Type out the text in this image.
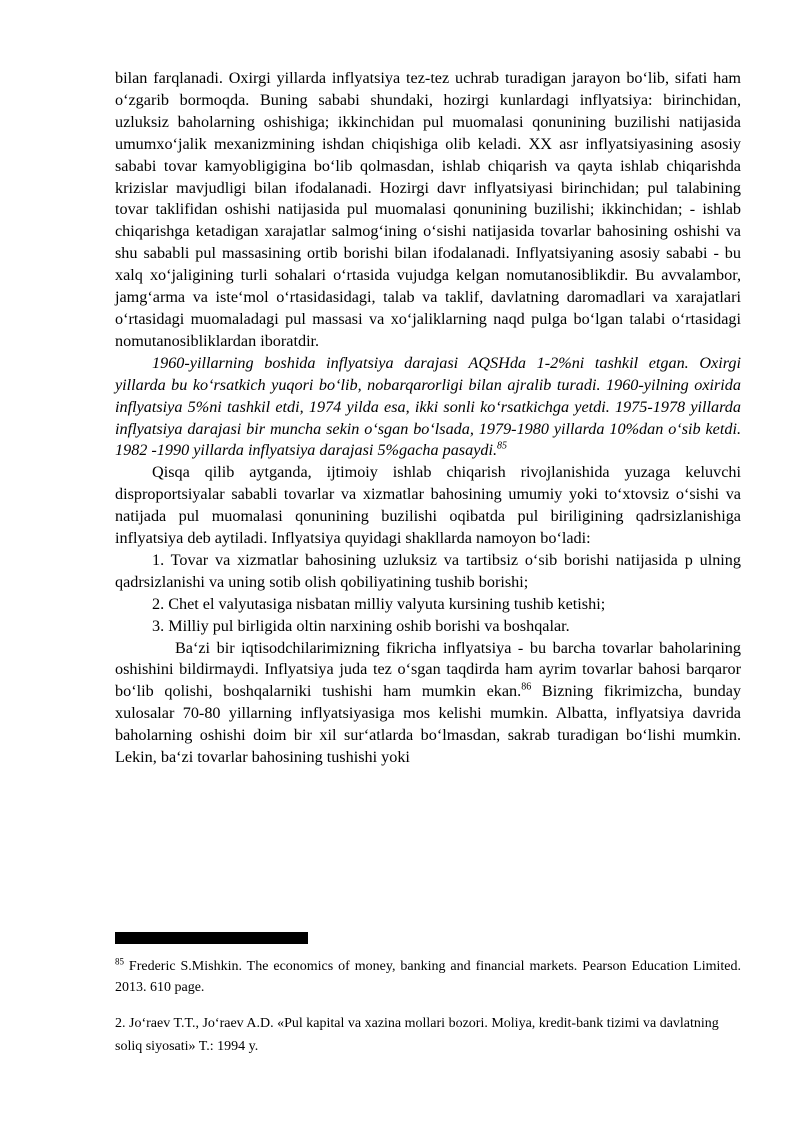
bilan farqlanadi. Oxirgi yillarda inflyatsiya tez-tez uchrab turadigan jarayon bo‘lib, sifati ham o‘zgarib bormoqda. Buning sababi shundaki, hozirgi kunlardagi inflyatsiya: birinchidan, uzluksiz baholarning oshishiga; ikkinchidan pul muomalasi qonunining buzilishi natijasida umumxo‘jalik mexanizmining ishdan chiqishiga olib keladi. XX asr inflyatsiyasining asosiy sababi tovar kamyobligigina bo‘lib qolmasdan, ishlab chiqarish va qayta ishlab chiqarishda krizislar mavjudligi bilan ifodalanadi. Hozirgi davr inflyatsiyasi birinchidan; pul talabining tovar taklifidan oshishi natijasida pul muomalasi qonunining buzilishi; ikkinchidan; - ishlab chiqarishga ketadigan xarajatlar salmog‘ining o‘sishi natijasida tovarlar bahosining oshishi va shu sababli pul massasining ortib borishi bilan ifodalanadi. Inflyatsiyaning asosiy sababi - bu xalq xo‘jaligining turli sohalari o‘rtasida vujudga kelgan nomutanosiblikdir. Bu avvalambor, jamg‘arma va iste‘mol o‘rtasidasidagi, talab va taklif, davlatning daromadlari va xarajatlari o‘rtasidagi muomaladagi pul massasi va xo‘jaliklarning naqd pulga bo‘lgan talabi o‘rtasidagi nomutanosibliklardan iboratdir.

1960-yillarning boshida inflyatsiya darajasi AQSHda 1-2%ni tashkil etgan. Oxirgi yillarda bu ko‘rsatkich yuqori bo‘lib, nobarqarorligi bilan ajralib turadi. 1960-yilning oxirida inflyatsiya 5%ni tashkil etdi, 1974 yilda esa, ikki sonli ko‘rsatkichga yetdi. 1975-1978 yillarda inflyatsiya darajasi bir muncha sekin o‘sgan bo‘lsada, 1979-1980 yillarda 10%dan o‘sib ketdi. 1982 -1990 yillarda inflyatsiya darajasi 5%gacha pasaydi.$^{85}$

Qisqa qilib aytganda, ijtimoiy ishlab chiqarish rivojlanishida yuzaga keluvchi disproportsiyalar sababli tovarlar va xizmatlar bahosining umumiy yoki to‘xtovsiz o‘sishi va natijada pul muomalasi qonunining buzilishi oqibatda pul biriligining qadrsizlanishiga inflyatsiya deb aytiladi. Inflyatsiya quyidagi shakllarda namoyon bo‘ladi:

1. Tovar va xizmatlar bahosining uzluksiz va tartibsiz o‘sib borishi natijasida p ulning qadrsizlanishi va uning sotib olish qobiliyatining tushib borishi;

2. Chet el valyutasiga nisbatan milliy valyuta kursining tushib ketishi;

3. Milliy pul birligida oltin narxining oshib borishi va boshqalar.

Ba‘zi bir iqtisodchilarimizning fikricha inflyatsiya - bu barcha tovarlar baholarining oshishini bildirmaydi. Inflyatsiya juda tez o‘sgan taqdirda ham ayrim tovarlar bahosi barqaror bo‘lib qolishi, boshqalarniki tushishi ham mumkin ekan.$^{86}$ Bizning fikrimizcha, bunday xulosalar 70-80 yillarning inflyatsiyasiga mos kelishi mumkin. Albatta, inflyatsiya davrida baholarning oshishi doim bir xil sur‘atlarda bo‘lmasdan, sakrab turadigan bo‘lishi mumkin. Lekin, ba‘zi tovarlar bahosining tushishi yoki

$^{85}$ Frederic S.Mishkin. The economics of money, banking and financial markets. Pearson Education Limited. 2013. 610 page.
2. Jo‘raev T.T., Jo‘raev A.D. «Pul kapital va xazina mollari bozori. Moliya, kredit-bank tizimi va davlatning soliq siyosati» T.: 1994 y.
